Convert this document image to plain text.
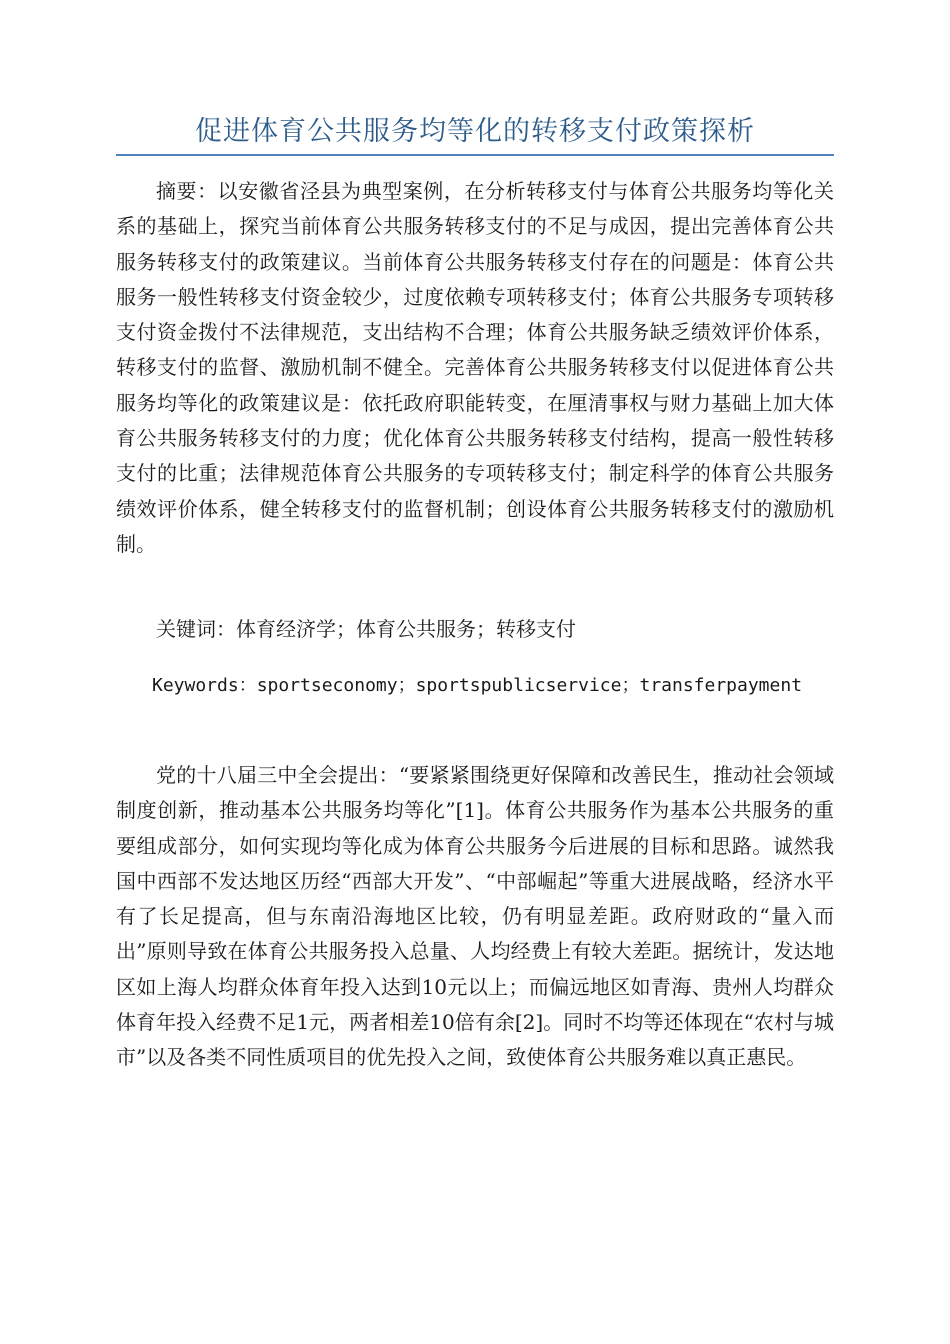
促进体育公共服务均等化的转移支付政策探析

摘要：以安徽省泾县为典型案例，在分析转移支付与体育公共服务均等化关系的基础上，探究当前体育公共服务转移支付的不足与成因，提出完善体育公共服务转移支付的政策建议。当前体育公共服务转移支付存在的问题是：体育公共服务一般性转移支付资金较少，过度依赖专项转移支付；体育公共服务专项转移支付资金拨付不法律规范，支出结构不合理；体育公共服务缺乏绩效评价体系，转移支付的监督、激励机制不健全。完善体育公共服务转移支付以促进体育公共服务均等化的政策建议是：依托政府职能转变，在厘清事权与财力基础上加大体育公共服务转移支付的力度；优化体育公共服务转移支付结构，提高一般性转移支付的比重；法律规范体育公共服务的专项转移支付；制定科学的体育公共服务绩效评价体系，健全转移支付的监督机制；创设体育公共服务转移支付的激励机制。

关键词：体育经济学；体育公共服务；转移支付

Keywords：sportseconomy；sportspublicservice；transferpayment

党的十八届三中全会提出：“要紧紧围绕更好保障和改善民生，推动社会领域制度创新，推动基本公共服务均等化”[1]。体育公共服务作为基本公共服务的重要组成部分，如何实现均等化成为体育公共服务今后进展的目标和思路。诚然我国中西部不发达地区历经“西部大开发”、“中部崛起”等重大进展战略，经济水平有了长足提高，但与东南沿海地区比较，仍有明显差距。政府财政的“量入而出”原则导致在体育公共服务投入总量、人均经费上有较大差距。据统计，发达地区如上海人均群众体育年投入达到10元以上；而偏远地区如青海、贵州人均群众体育年投入经费不足1元，两者相差10倍有余[2]。同时不均等还体现在“农村与城市”以及各类不同性质项目的优先投入之间，致使体育公共服务难以真正惠民。
